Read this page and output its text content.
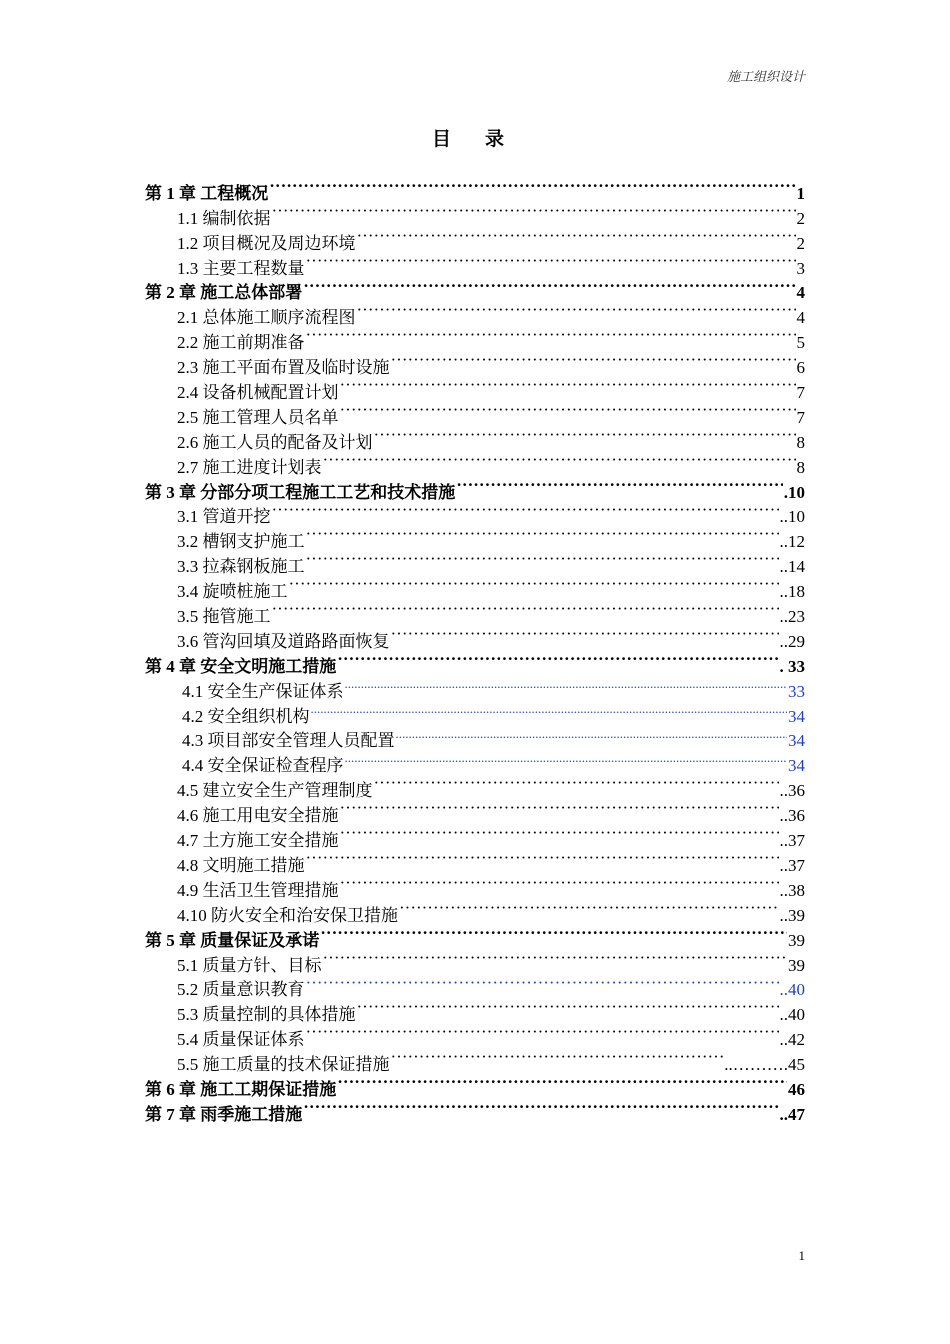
施工组织设计
目录
第 1 章 工程概况 ·····	1
1.1 编制依据 ·····	2
1.2 项目概况及周边环境 ·····	2
1.3 主要工程数量 ·····	3
第 2 章 施工总体部署 ·····	4
2.1 总体施工顺序流程图 ·····	4
2.2 施工前期准备 ·····	5
2.3 施工平面布置及临时设施 ·····	6
2.4 设备机械配置计划 ·····	7
2.5 施工管理人员名单 ·····	7
2.6 施工人员的配备及计划 ·····	8
2.7 施工进度计划表 ·····	8
第 3 章 分部分项工程施工工艺和技术措施 ·····	.10
3.1 管道开挖 ·····	..10
3.2 槽钢支护施工 ·····	..12
3.3 拉森钢板施工 ·····	..14
3.4 旋喷桩施工 ·····	..18
3.5 拖管施工 ·····	..23
3.6 管沟回填及道路路面恢复 ·····	..29
第 4 章 安全文明施工措施 ·····	. 33
4.1 安全生产保证体系 .....	33
4.2 安全组织机构 .....	34
4.3 项目部安全管理人员配置 .....	34
4.4 安全保证检查程序 .....	34
4.5 建立安全生产管理制度 ·····	..36
4.6 施工用电安全措施 ·····	..36
4.7 土方施工安全措施 ·····	..37
4.8 文明施工措施 ·····	..37
4.9 生活卫生管理措施 ·····	..38
4.10 防火安全和治安保卫措施 ·····	..39
第 5 章 质量保证及承诺 ·····	39
5.1 质量方针、目标 ·····	39
5.2 质量意识教育 ·····	..40
5.3 质量控制的具体措施 ·····	..40
5.4 质量保证体系 ·····	..42
5.5 施工质量的技术保证措施 ·····	..……….45
第 6 章 施工工期保证措施 ·····	46
第 7 章 雨季施工措施 ·····	..47
1
